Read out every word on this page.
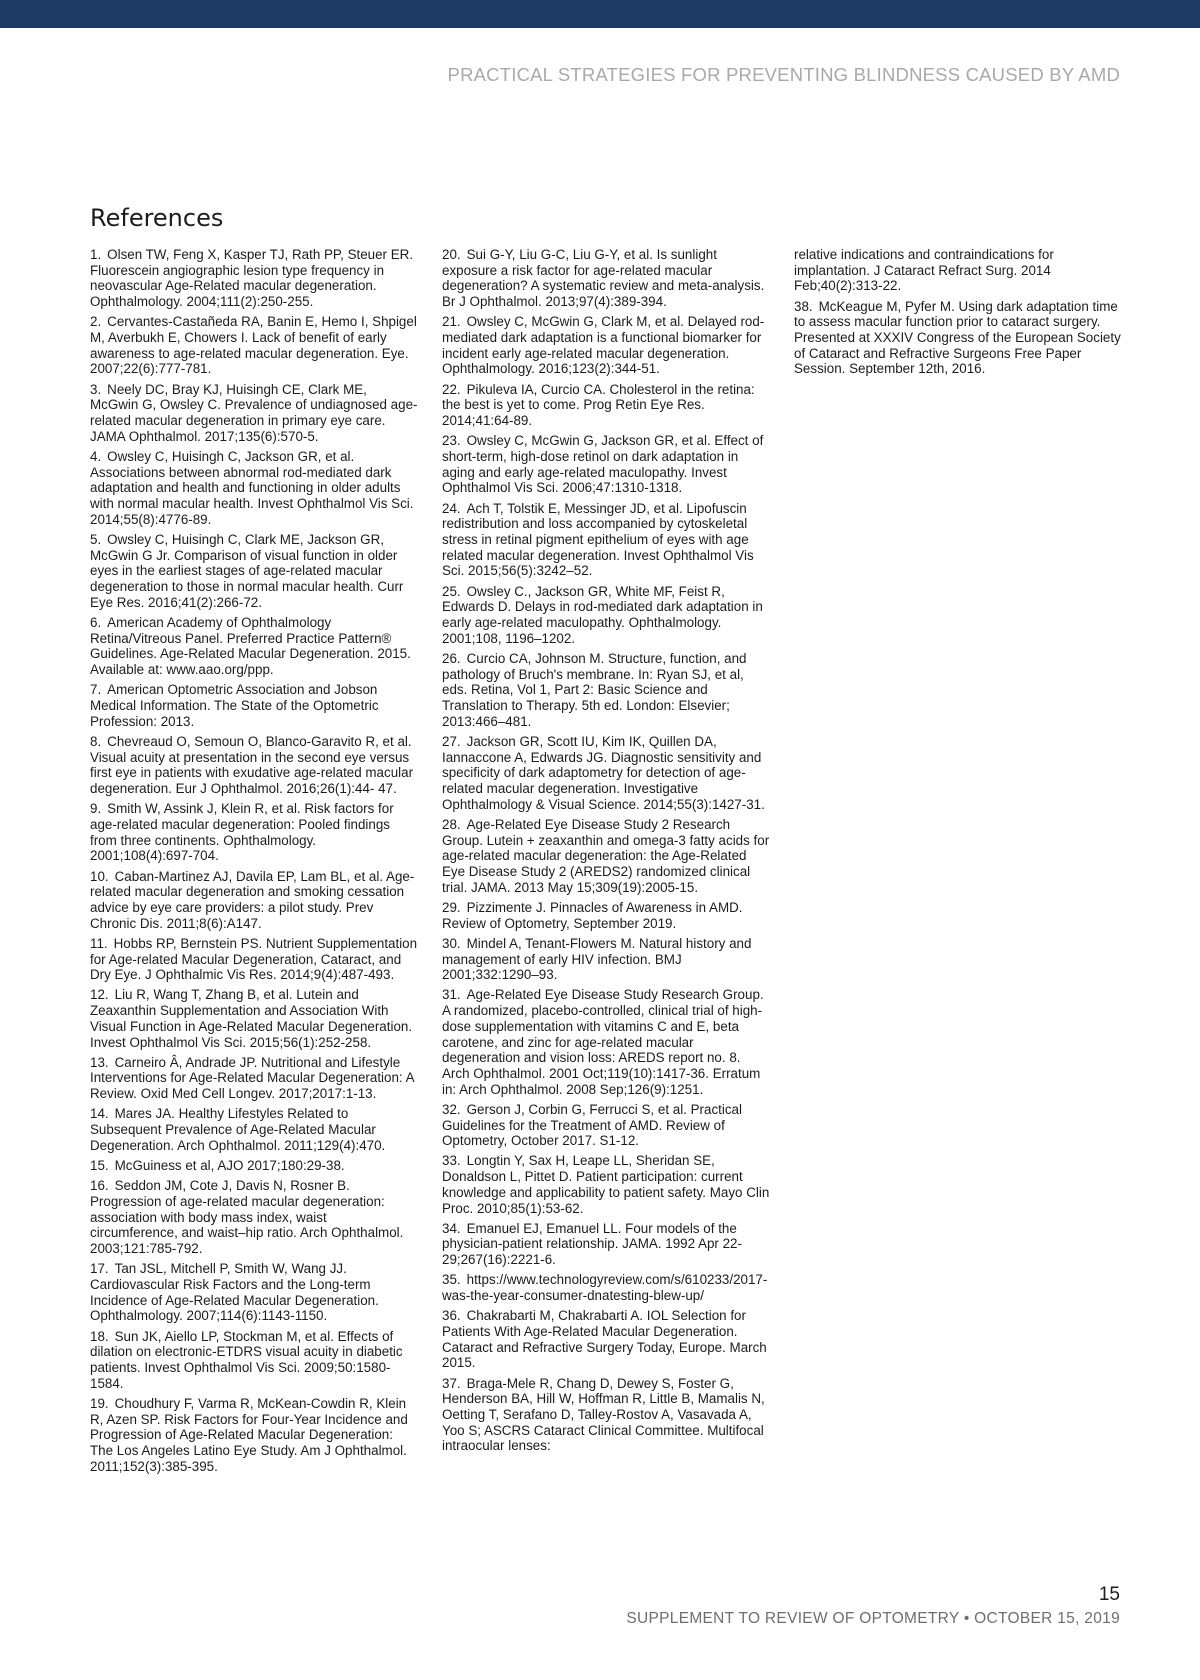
PRACTICAL STRATEGIES FOR PREVENTING BLINDNESS CAUSED BY AMD
References

1. Olsen TW, Feng X, Kasper TJ, Rath PP, Steuer ER. Fluorescein angiographic lesion type frequency in neovascular Age-Related macular degeneration. Ophthalmology. 2004;111(2):250-255.

2. Cervantes-Castañeda RA, Banin E, Hemo I, Shpigel M, Averbukh E, Chowers I. Lack of benefit of early awareness to age-related macular degeneration. Eye. 2007;22(6):777-781.

3. Neely DC, Bray KJ, Huisingh CE, Clark ME, McGwin G, Owsley C. Prevalence of undiagnosed age-related macular degeneration in primary eye care. JAMA Ophthalmol. 2017;135(6):570-5.

4. Owsley C, Huisingh C, Jackson GR, et al. Associations between abnormal rod-mediated dark adaptation and health and functioning in older adults with normal macular health. Invest Ophthalmol Vis Sci. 2014;55(8):4776-89.

5. Owsley C, Huisingh C, Clark ME, Jackson GR, McGwin G Jr. Comparison of visual function in older eyes in the earliest stages of age-related macular degeneration to those in normal macular health. Curr Eye Res. 2016;41(2):266-72.

6. American Academy of Ophthalmology Retina/Vitreous Panel. Preferred Practice Pattern® Guidelines. Age-Related Macular Degeneration. 2015. Available at: www.aao.org/ppp.

7. American Optometric Association and Jobson Medical Information. The State of the Optometric Profession: 2013.

8. Chevreaud O, Semoun O, Blanco-Garavito R, et al. Visual acuity at presentation in the second eye versus first eye in patients with exudative age-related macular degeneration. Eur J Ophthalmol. 2016;26(1):44- 47.

9. Smith W, Assink J, Klein R, et al. Risk factors for age-related macular degeneration: Pooled findings from three continents. Ophthalmology. 2001;108(4):697-704.

10. Caban-Martinez AJ, Davila EP, Lam BL, et al. Age-related macular degeneration and smoking cessation advice by eye care providers: a pilot study. Prev Chronic Dis. 2011;8(6):A147.

11. Hobbs RP, Bernstein PS. Nutrient Supplementation for Age-related Macular Degeneration, Cataract, and Dry Eye. J Ophthalmic Vis Res. 2014;9(4):487-493.

12. Liu R, Wang T, Zhang B, et al. Lutein and Zeaxanthin Supplementation and Association With Visual Function in Age-Related Macular Degeneration. Invest Ophthalmol Vis Sci. 2015;56(1):252-258.

13. Carneiro Â, Andrade JP. Nutritional and Lifestyle Interventions for Age-Related Macular Degeneration: A Review. Oxid Med Cell Longev. 2017;2017:1-13.

14. Mares JA. Healthy Lifestyles Related to Subsequent Prevalence of Age-Related Macular Degeneration. Arch Ophthalmol. 2011;129(4):470.

15. McGuiness et al, AJO 2017;180:29-38.

16. Seddon JM, Cote J, Davis N, Rosner B. Progression of age-related macular degeneration: association with body mass index, waist circumference, and waist–hip ratio. Arch Ophthalmol. 2003;121:785-792.

17. Tan JSL, Mitchell P, Smith W, Wang JJ. Cardiovascular Risk Factors and the Long-term Incidence of Age-Related Macular Degeneration. Ophthalmology. 2007;114(6):1143-1150.

18. Sun JK, Aiello LP, Stockman M, et al. Effects of dilation on electronic-ETDRS visual acuity in diabetic patients. Invest Ophthalmol Vis Sci. 2009;50:1580-1584.

19. Choudhury F, Varma R, McKean-Cowdin R, Klein R, Azen SP. Risk Factors for Four-Year Incidence and Progression of Age-Related Macular Degeneration: The Los Angeles Latino Eye Study. Am J Ophthalmol. 2011;152(3):385-395.

20. Sui G-Y, Liu G-C, Liu G-Y, et al. Is sunlight exposure a risk factor for age-related macular degeneration? A systematic review and meta-analysis. Br J Ophthalmol. 2013;97(4):389-394.

21. Owsley C, McGwin G, Clark M, et al. Delayed rod-mediated dark adaptation is a functional biomarker for incident early age-related macular degeneration. Ophthalmology. 2016;123(2):344-51.

22. Pikuleva IA, Curcio CA. Cholesterol in the retina: the best is yet to come. Prog Retin Eye Res. 2014;41:64-89.

23. Owsley C, McGwin G, Jackson GR, et al. Effect of short-term, high-dose retinol on dark adaptation in aging and early age-related maculopathy. Invest Ophthalmol Vis Sci. 2006;47:1310-1318.

24. Ach T, Tolstik E, Messinger JD, et al. Lipofuscin redistribution and loss accompanied by cytoskeletal stress in retinal pigment epithelium of eyes with age related macular degeneration. Invest Ophthalmol Vis Sci. 2015;56(5):3242–52.

25. Owsley C., Jackson GR, White MF, Feist R, Edwards D. Delays in rod-mediated dark adaptation in early age-related maculopathy. Ophthalmology. 2001;108, 1196–1202.

26. Curcio CA, Johnson M. Structure, function, and pathology of Bruch's membrane. In: Ryan SJ, et al, eds. Retina, Vol 1, Part 2: Basic Science and Translation to Therapy. 5th ed. London: Elsevier; 2013:466–481.

27. Jackson GR, Scott IU, Kim IK, Quillen DA, Iannaccone A, Edwards JG. Diagnostic sensitivity and specificity of dark adaptometry for detection of age-related macular degeneration. Investigative Ophthalmology & Visual Science. 2014;55(3):1427-31.

28. Age-Related Eye Disease Study 2 Research Group. Lutein + zeaxanthin and omega-3 fatty acids for age-related macular degeneration: the Age-Related Eye Disease Study 2 (AREDS2) randomized clinical trial. JAMA. 2013 May 15;309(19):2005-15.

29. Pizzimente J. Pinnacles of Awareness in AMD. Review of Optometry, September 2019.

30. Mindel A, Tenant-Flowers M. Natural history and management of early HIV infection. BMJ 2001;332:1290–93.

31. Age-Related Eye Disease Study Research Group. A randomized, placebo-controlled, clinical trial of high-dose supplementation with vitamins C and E, beta carotene, and zinc for age-related macular degeneration and vision loss: AREDS report no. 8. Arch Ophthalmol. 2001 Oct;119(10):1417-36. Erratum in: Arch Ophthalmol. 2008 Sep;126(9):1251.

32. Gerson J, Corbin G, Ferrucci S, et al. Practical Guidelines for the Treatment of AMD. Review of Optometry, October 2017. S1-12.

33. Longtin Y, Sax H, Leape LL, Sheridan SE, Donaldson L, Pittet D. Patient participation: current knowledge and applicability to patient safety. Mayo Clin Proc. 2010;85(1):53-62.

34. Emanuel EJ, Emanuel LL. Four models of the physician-patient relationship. JAMA. 1992 Apr 22-29;267(16):2221-6.

35. https://www.technologyreview.com/s/610233/2017-was-the-year-consumer-dnatesting-blew-up/

36. Chakrabarti M, Chakrabarti A. IOL Selection for Patients With Age-Related Macular Degeneration. Cataract and Refractive Surgery Today, Europe. March 2015.

37. Braga-Mele R, Chang D, Dewey S, Foster G, Henderson BA, Hill W, Hoffman R, Little B, Mamalis N, Oetting T, Serafano D, Talley-Rostov A, Vasavada A, Yoo S; ASCRS Cataract Clinical Committee. Multifocal intraocular lenses:

relative indications and contraindications for implantation. J Cataract Refract Surg. 2014 Feb;40(2):313-22.

38. McKeague M, Pyfer M. Using dark adaptation time to assess macular function prior to cataract surgery. Presented at XXXIV Congress of the European Society of Cataract and Refractive Surgeons Free Paper Session. September 12th, 2016.

15
SUPPLEMENT TO REVIEW OF OPTOMETRY • OCTOBER 15, 2019
